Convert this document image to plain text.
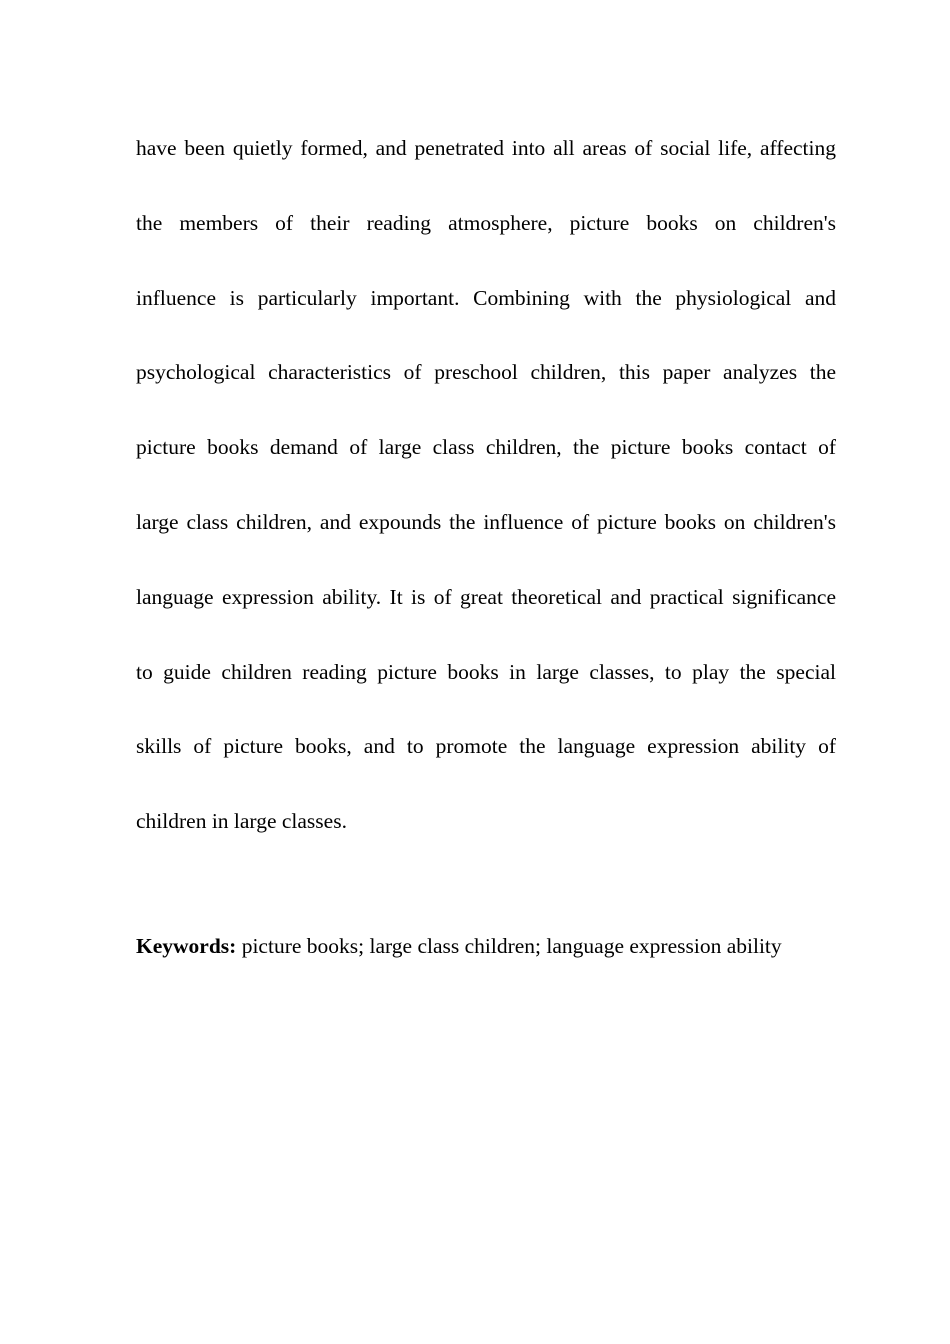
have been quietly formed, and penetrated into all areas of social life, affecting
the members of their reading atmosphere, picture books on children's
influence is particularly important. Combining with the physiological and
psychological characteristics of preschool children, this paper analyzes the
picture books demand of large class children, the picture books contact of
large class children, and expounds the influence of picture books on children's
language expression ability. It is of great theoretical and practical significance
to guide children reading picture books in large classes, to play the special
skills of picture books, and to promote the language expression ability of
children in large classes.

Keywords: picture books; large class children; language expression ability
